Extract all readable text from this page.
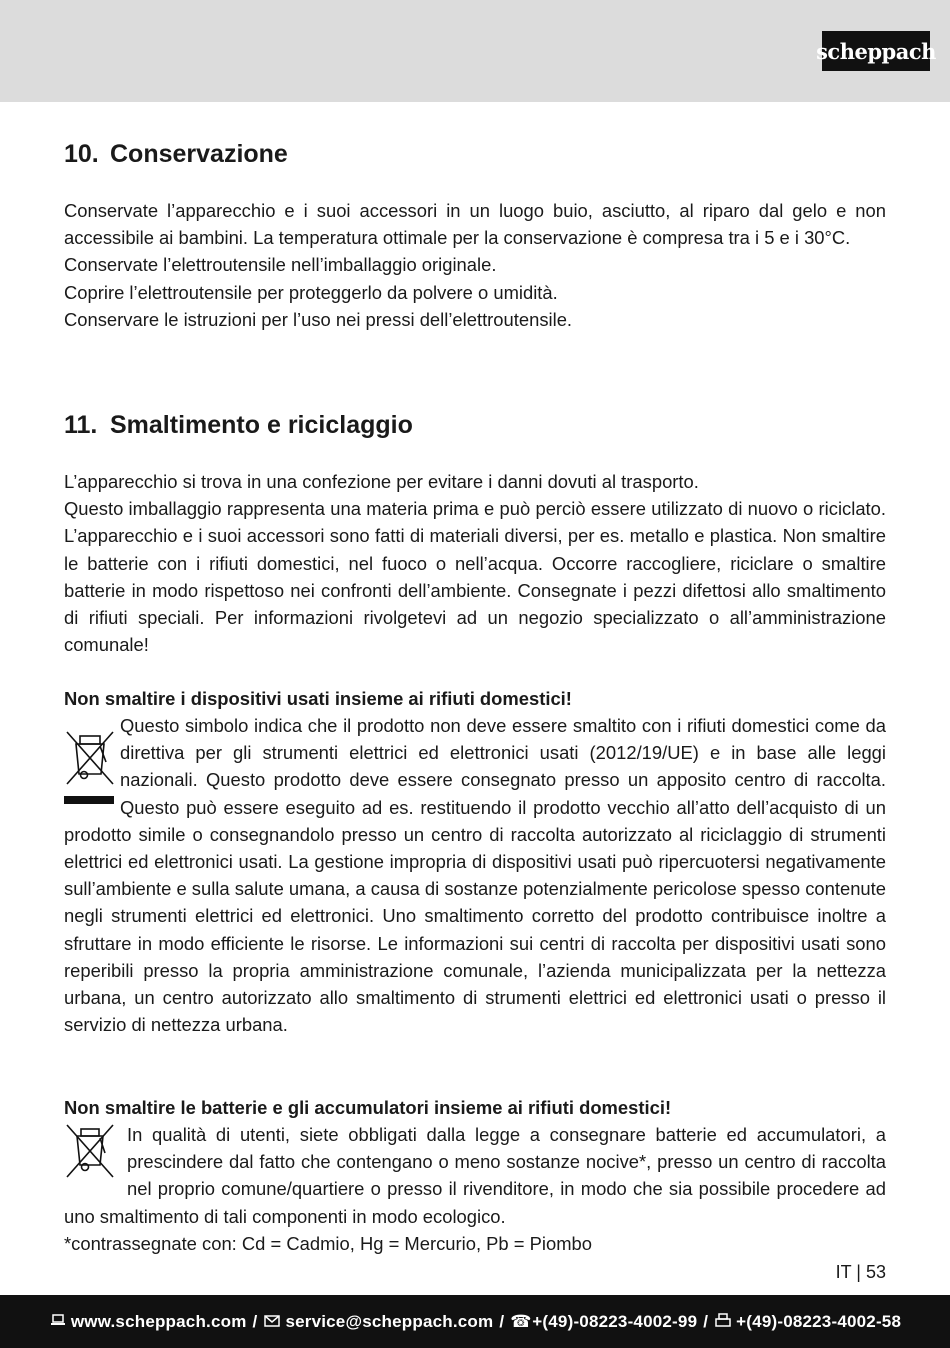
scheppach
10. Conservazione

Conservate l’apparecchio e i suoi accessori in un luogo buio, asciutto, al riparo dal gelo e non accessibile ai bambini. La temperatura ottimale per la conservazione è compresa tra i 5 e i 30°C.

Conservate l’elettroutensile nell’imballaggio originale.

Coprire l’elettroutensile per proteggerlo da polvere o umidità.

Conservare le istruzioni per l’uso nei pressi dell’elettroutensile.

11. Smaltimento e riciclaggio

L’apparecchio si trova in una confezione per evitare i danni dovuti al trasporto.

Questo imballaggio rappresenta una materia prima e può perciò essere utilizzato di nuovo o riciclato. L’apparecchio e i suoi accessori sono fatti di materiali diversi, per es. metallo e plastica. Non smaltire le batterie con i rifiuti domestici, nel fuoco o nell’acqua. Occorre raccogliere, riciclare o smaltire batterie in modo rispettoso nei confronti dell’ambiente. Consegnate i pezzi difettosi allo smaltimento di rifiuti speciali. Per informazioni rivolgetevi ad un negozio specializzato o all’amministrazione comunale!

Non smaltire i dispositivi usati insieme ai rifiuti domestici!
Questo simbolo indica che il prodotto non deve essere smaltito con i rifiuti domestici come da direttiva per gli strumenti elettrici ed elettronici usati (2012/19/UE) e in base alle leggi nazionali. Questo prodotto deve essere consegnato presso un apposito centro di raccolta. Questo può essere eseguito ad es. restituendo il prodotto vecchio all’atto dell’acquisto di un prodotto simile o consegnandolo presso un centro di raccolta autorizzato al riciclaggio di strumenti elettrici ed elettronici usati. La gestione impropria di dispositivi usati può ripercuotersi negativamente sull’ambiente e sulla salute umana, a causa di sostanze potenzialmente pericolose spesso contenute negli strumenti elettrici ed elettronici. Uno smaltimento corretto del prodotto contribuisce inoltre a sfruttare in modo efficiente le risorse. Le informazioni sui centri di raccolta per dispositivi usati sono reperibili presso la propria amministrazione comunale, l’azienda municipalizzata per la nettezza urbana, un centro autorizzato allo smaltimento di strumenti elettrici ed elettronici usati o presso il servizio di nettezza urbana.
Non smaltire le batterie e gli accumulatori insieme ai rifiuti domestici!
In qualità di utenti, siete obbligati dalla legge a consegnare batterie ed accumulatori, a prescindere dal fatto che contengano o meno sostanze nocive*, presso un centro di raccolta nel proprio comune/quartiere o presso il rivenditore, in modo che sia possibile procedere ad uno smaltimento di tali componenti in modo ecologico.

*contrassegnate con: Cd = Cadmio, Hg = Mercurio, Pb = Piombo

IT | 53
www.scheppach.com / service@scheppach.com / ☎ +(49)-08223-4002-99 / +(49)-08223-4002-58
